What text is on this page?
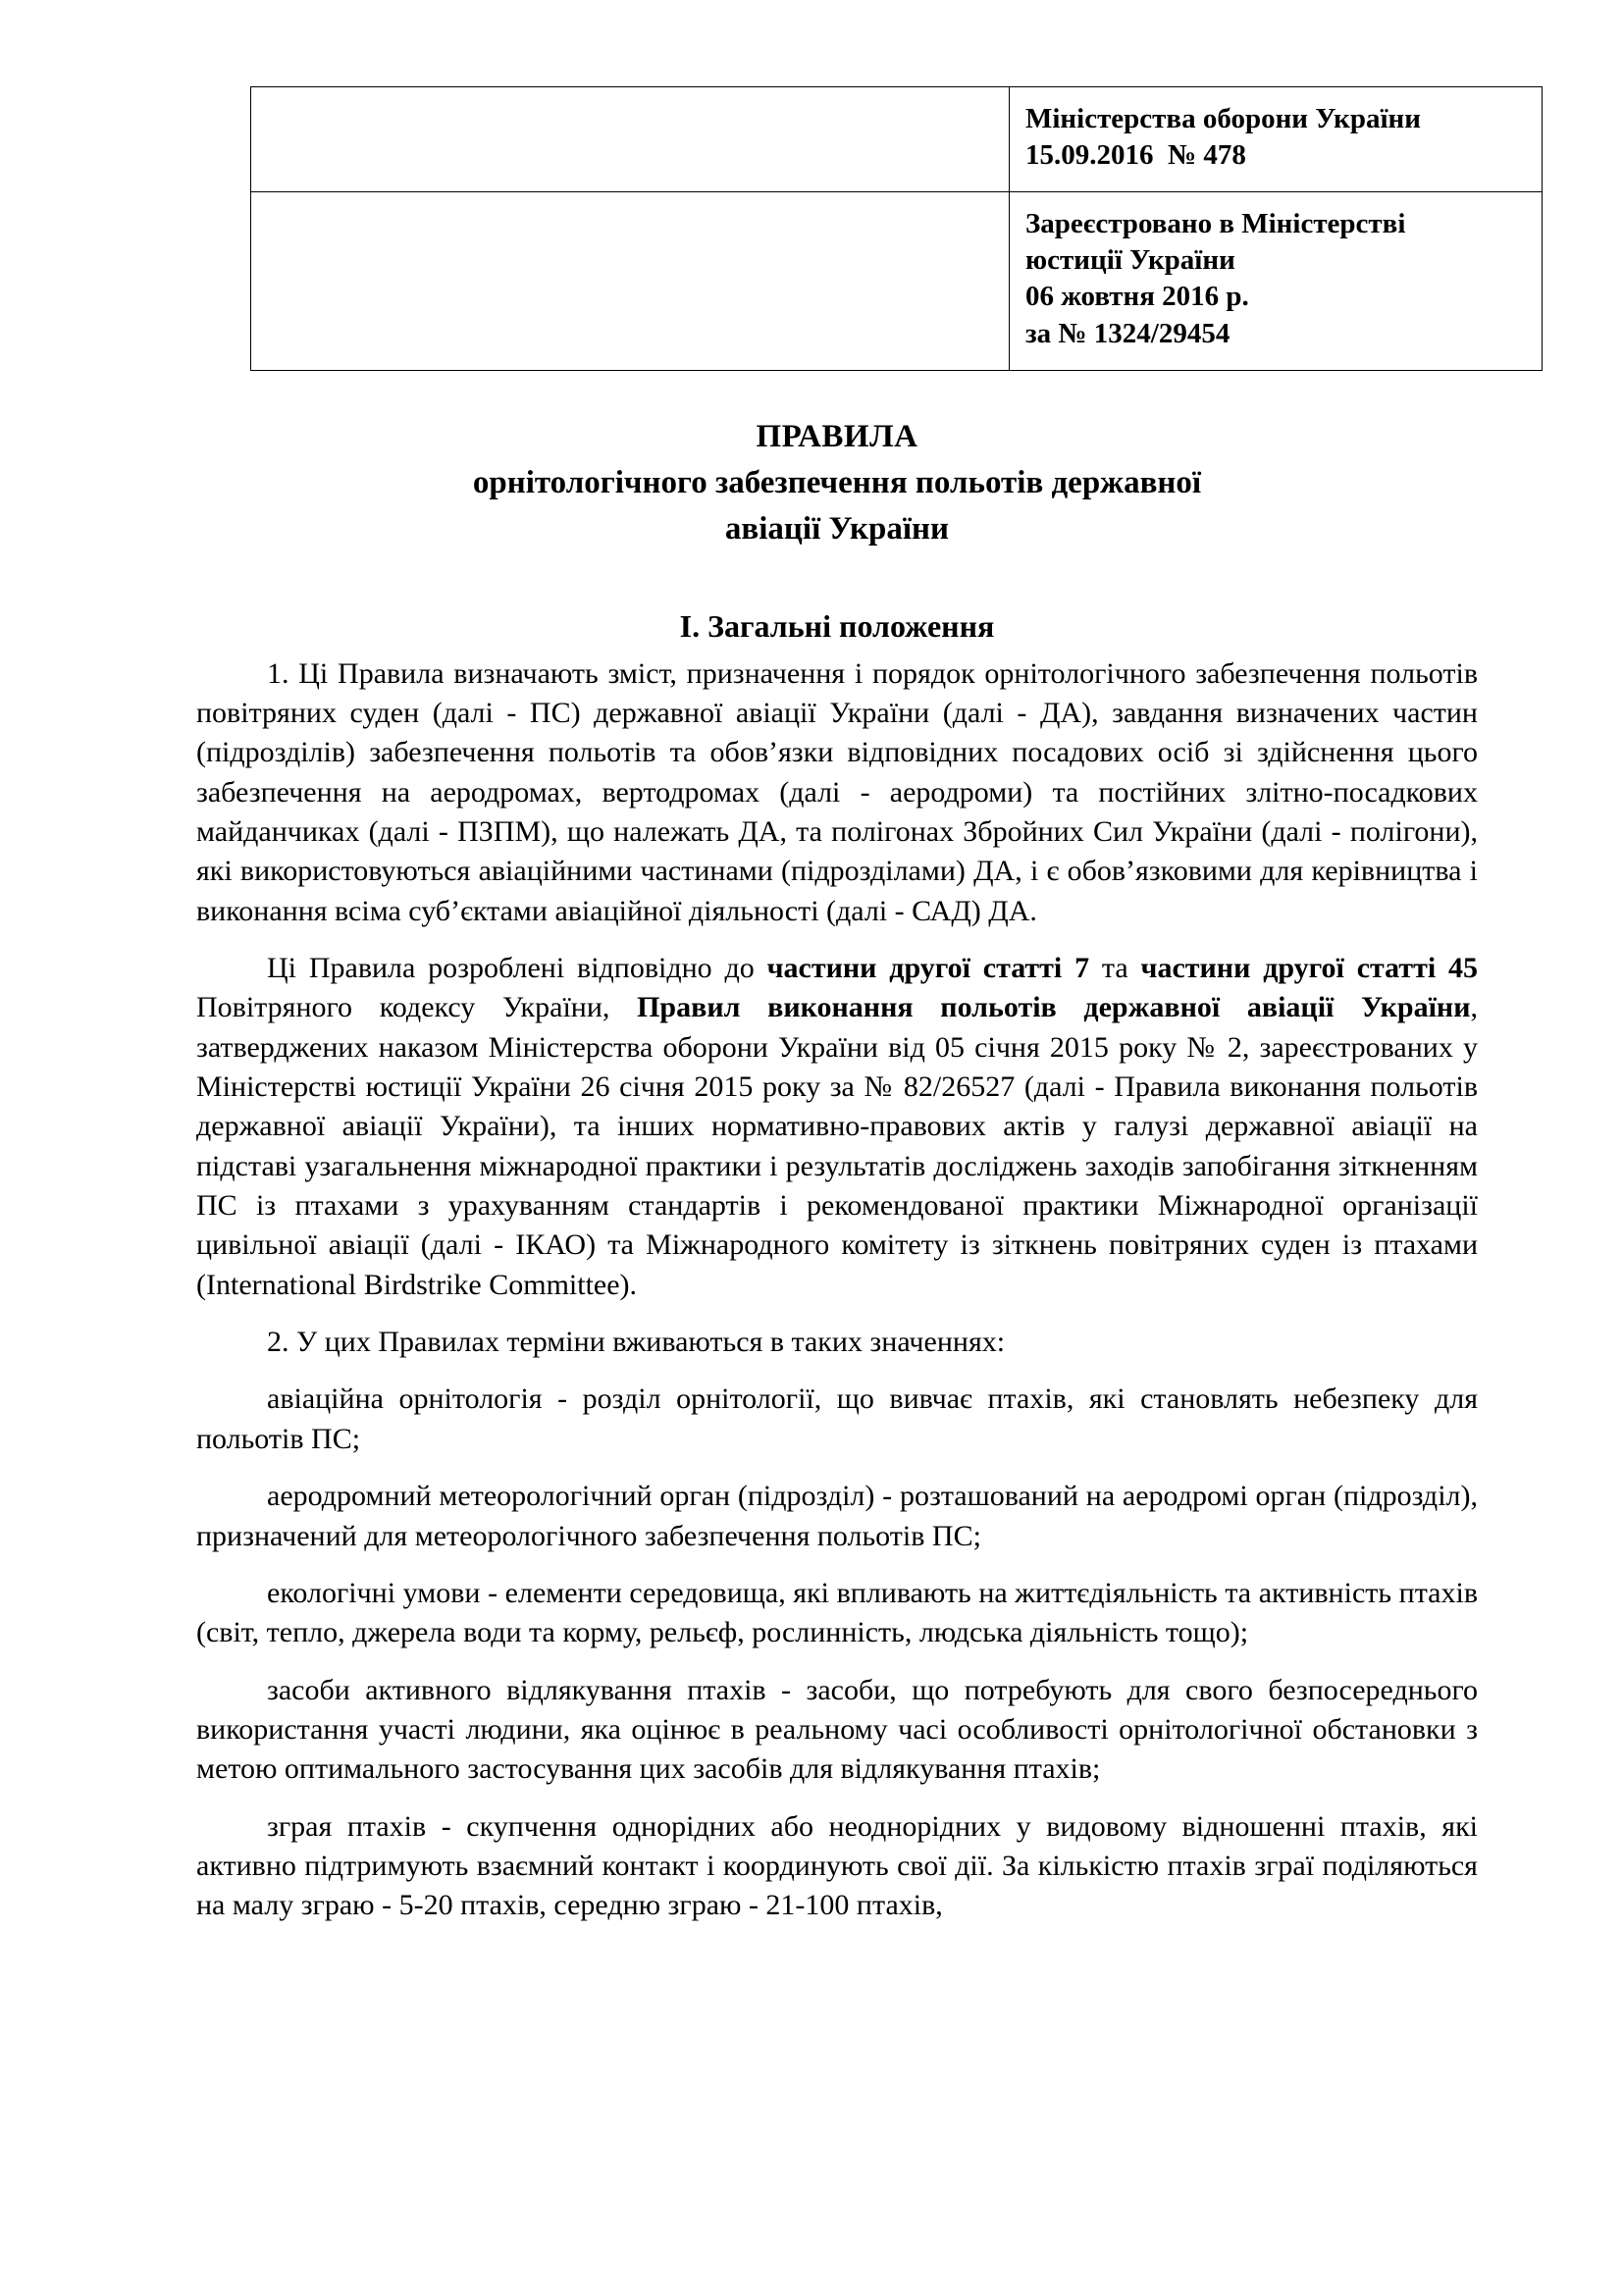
	Міністерства оборони України
15.09.2016  № 478

	Зареєстровано в Міністерстві
юстиції України
06 жовтня 2016 р.
за № 1324/29454
ПРАВИЛА
орнітологічного забезпечення польотів державної
авіації України
I. Загальні положення

1. Ці Правила визначають зміст, призначення і порядок орнітологічного забезпечення польотів повітряних суден (далі - ПС) державної авіації України (далі - ДА), завдання визначених частин (підрозділів) забезпечення польотів та обов’язки відповідних посадових осіб зі здійснення цього забезпечення на аеродромах, вертодромах (далі - аеродроми) та постійних злітно-посадкових майданчиках (далі - ПЗПМ), що належать ДА, та полігонах Збройних Сил України (далі - полігони), які використовуються авіаційними частинами (підрозділами) ДА, і є обов’язковими для керівництва і виконання всіма суб’єктами авіаційної діяльності (далі - САД) ДА.

Ці Правила розроблені відповідно до частини другої статті 7 та частини другої статті 45 Повітряного кодексу України, Правил виконання польотів державної авіації України, затверджених наказом Міністерства оборони України від 05 січня 2015 року № 2, зареєстрованих у Міністерстві юстиції України 26 січня 2015 року за № 82/26527 (далі - Правила виконання польотів державної авіації України), та інших нормативно-правових актів у галузі державної авіації на підставі узагальнення міжнародної практики і результатів досліджень заходів запобігання зіткненням ПС із птахами з урахуванням стандартів і рекомендованої практики Міжнародної організації цивільної авіації (далі - ІКАО) та Міжнародного комітету із зіткнень повітряних суден із птахами (International Birdstrike Committee).

2. У цих Правилах терміни вживаються в таких значеннях:

авіаційна орнітологія - розділ орнітології, що вивчає птахів, які становлять небезпеку для польотів ПС;

аеродромний метеорологічний орган (підрозділ) - розташований на аеродромі орган (підрозділ), призначений для метеорологічного забезпечення польотів ПС;

екологічні умови - елементи середовища, які впливають на життєдіяльність та активність птахів (світ, тепло, джерела води та корму, рельєф, рослинність, людська діяльність тощо);

засоби активного відлякування птахів - засоби, що потребують для свого безпосереднього використання участі людини, яка оцінює в реальному часі особливості орнітологічної обстановки з метою оптимального застосування цих засобів для відлякування птахів;

зграя птахів - скупчення однорідних або неоднорідних у видовому відношенні птахів, які активно підтримують взаємний контакт і координують свої дії. За кількістю птахів зграї поділяються на малу зграю - 5-20 птахів, середню зграю - 21-100 птахів,
